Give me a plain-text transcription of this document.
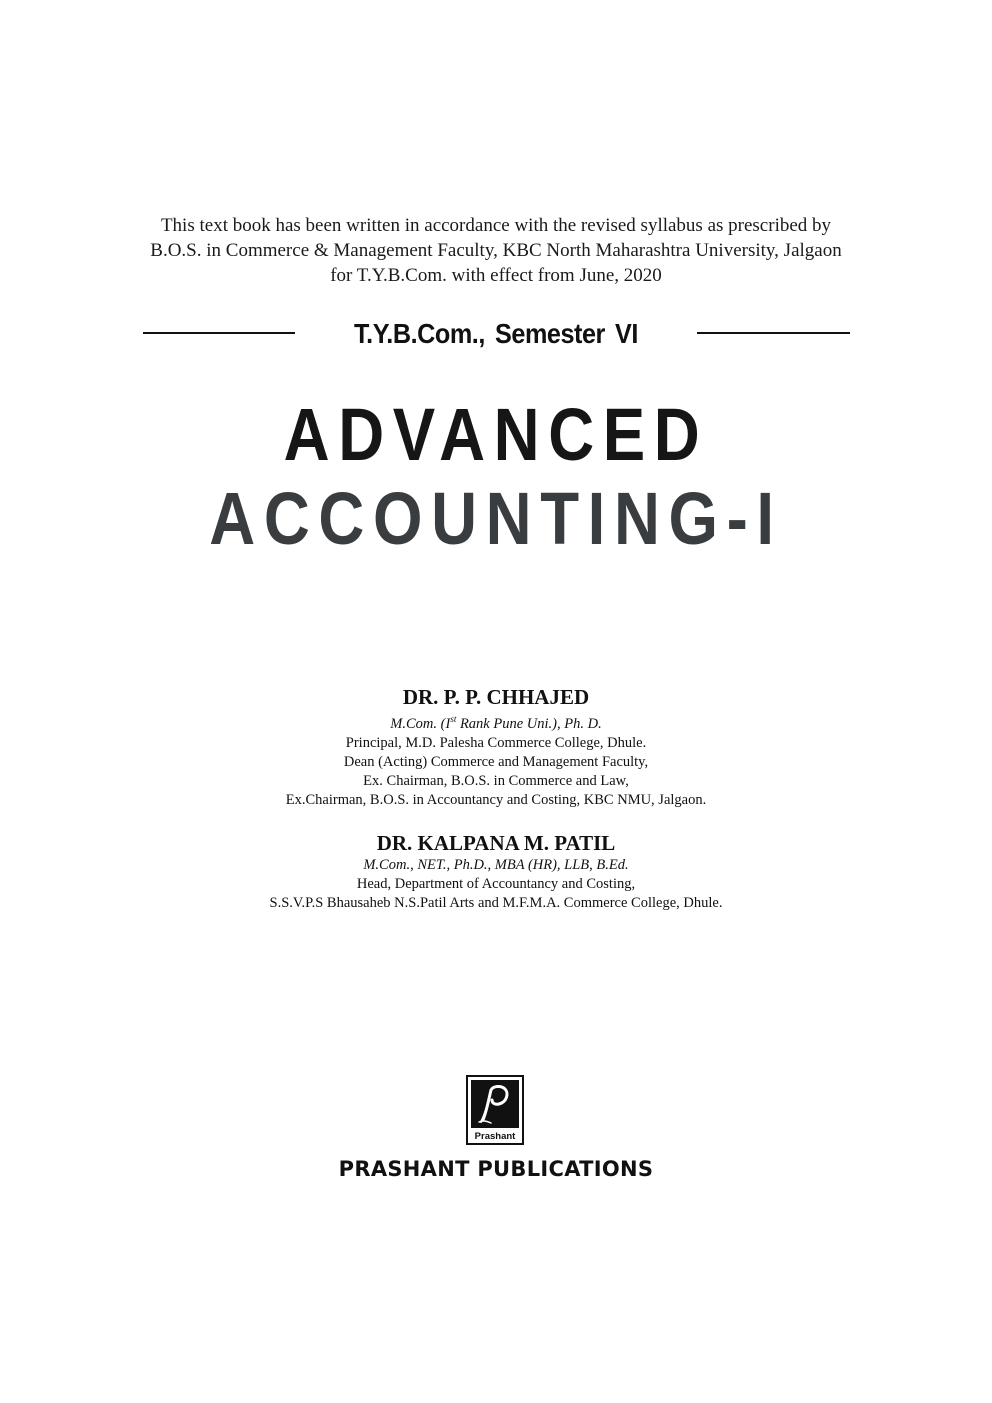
This text book has been written in accordance with the revised syllabus as prescribed by
B.O.S. in Commerce & Management Faculty, KBC North Maharashtra University, Jalgaon
for T.Y.B.Com. with effect from June, 2020
T.Y.B.Com., Semester VI
ADVANCED
ACCOUNTING-I
DR. P. P. CHHAJED
M.Com. (Ist Rank Pune Uni.), Ph. D.
Principal, M.D. Palesha Commerce College, Dhule.
Dean (Acting) Commerce and Management Faculty,
Ex. Chairman, B.O.S. in Commerce and Law,
Ex.Chairman, B.O.S. in Accountancy and Costing, KBC NMU, Jalgaon.
DR. KALPANA M. PATIL
M.Com., NET., Ph.D., MBA (HR), LLB, B.Ed.
Head, Department of Accountancy and Costing,
S.S.V.P.S Bhausaheb N.S.Patil Arts and M.F.M.A. Commerce College, Dhule.
Prashant
PRASHANT PUBLICATIONS
